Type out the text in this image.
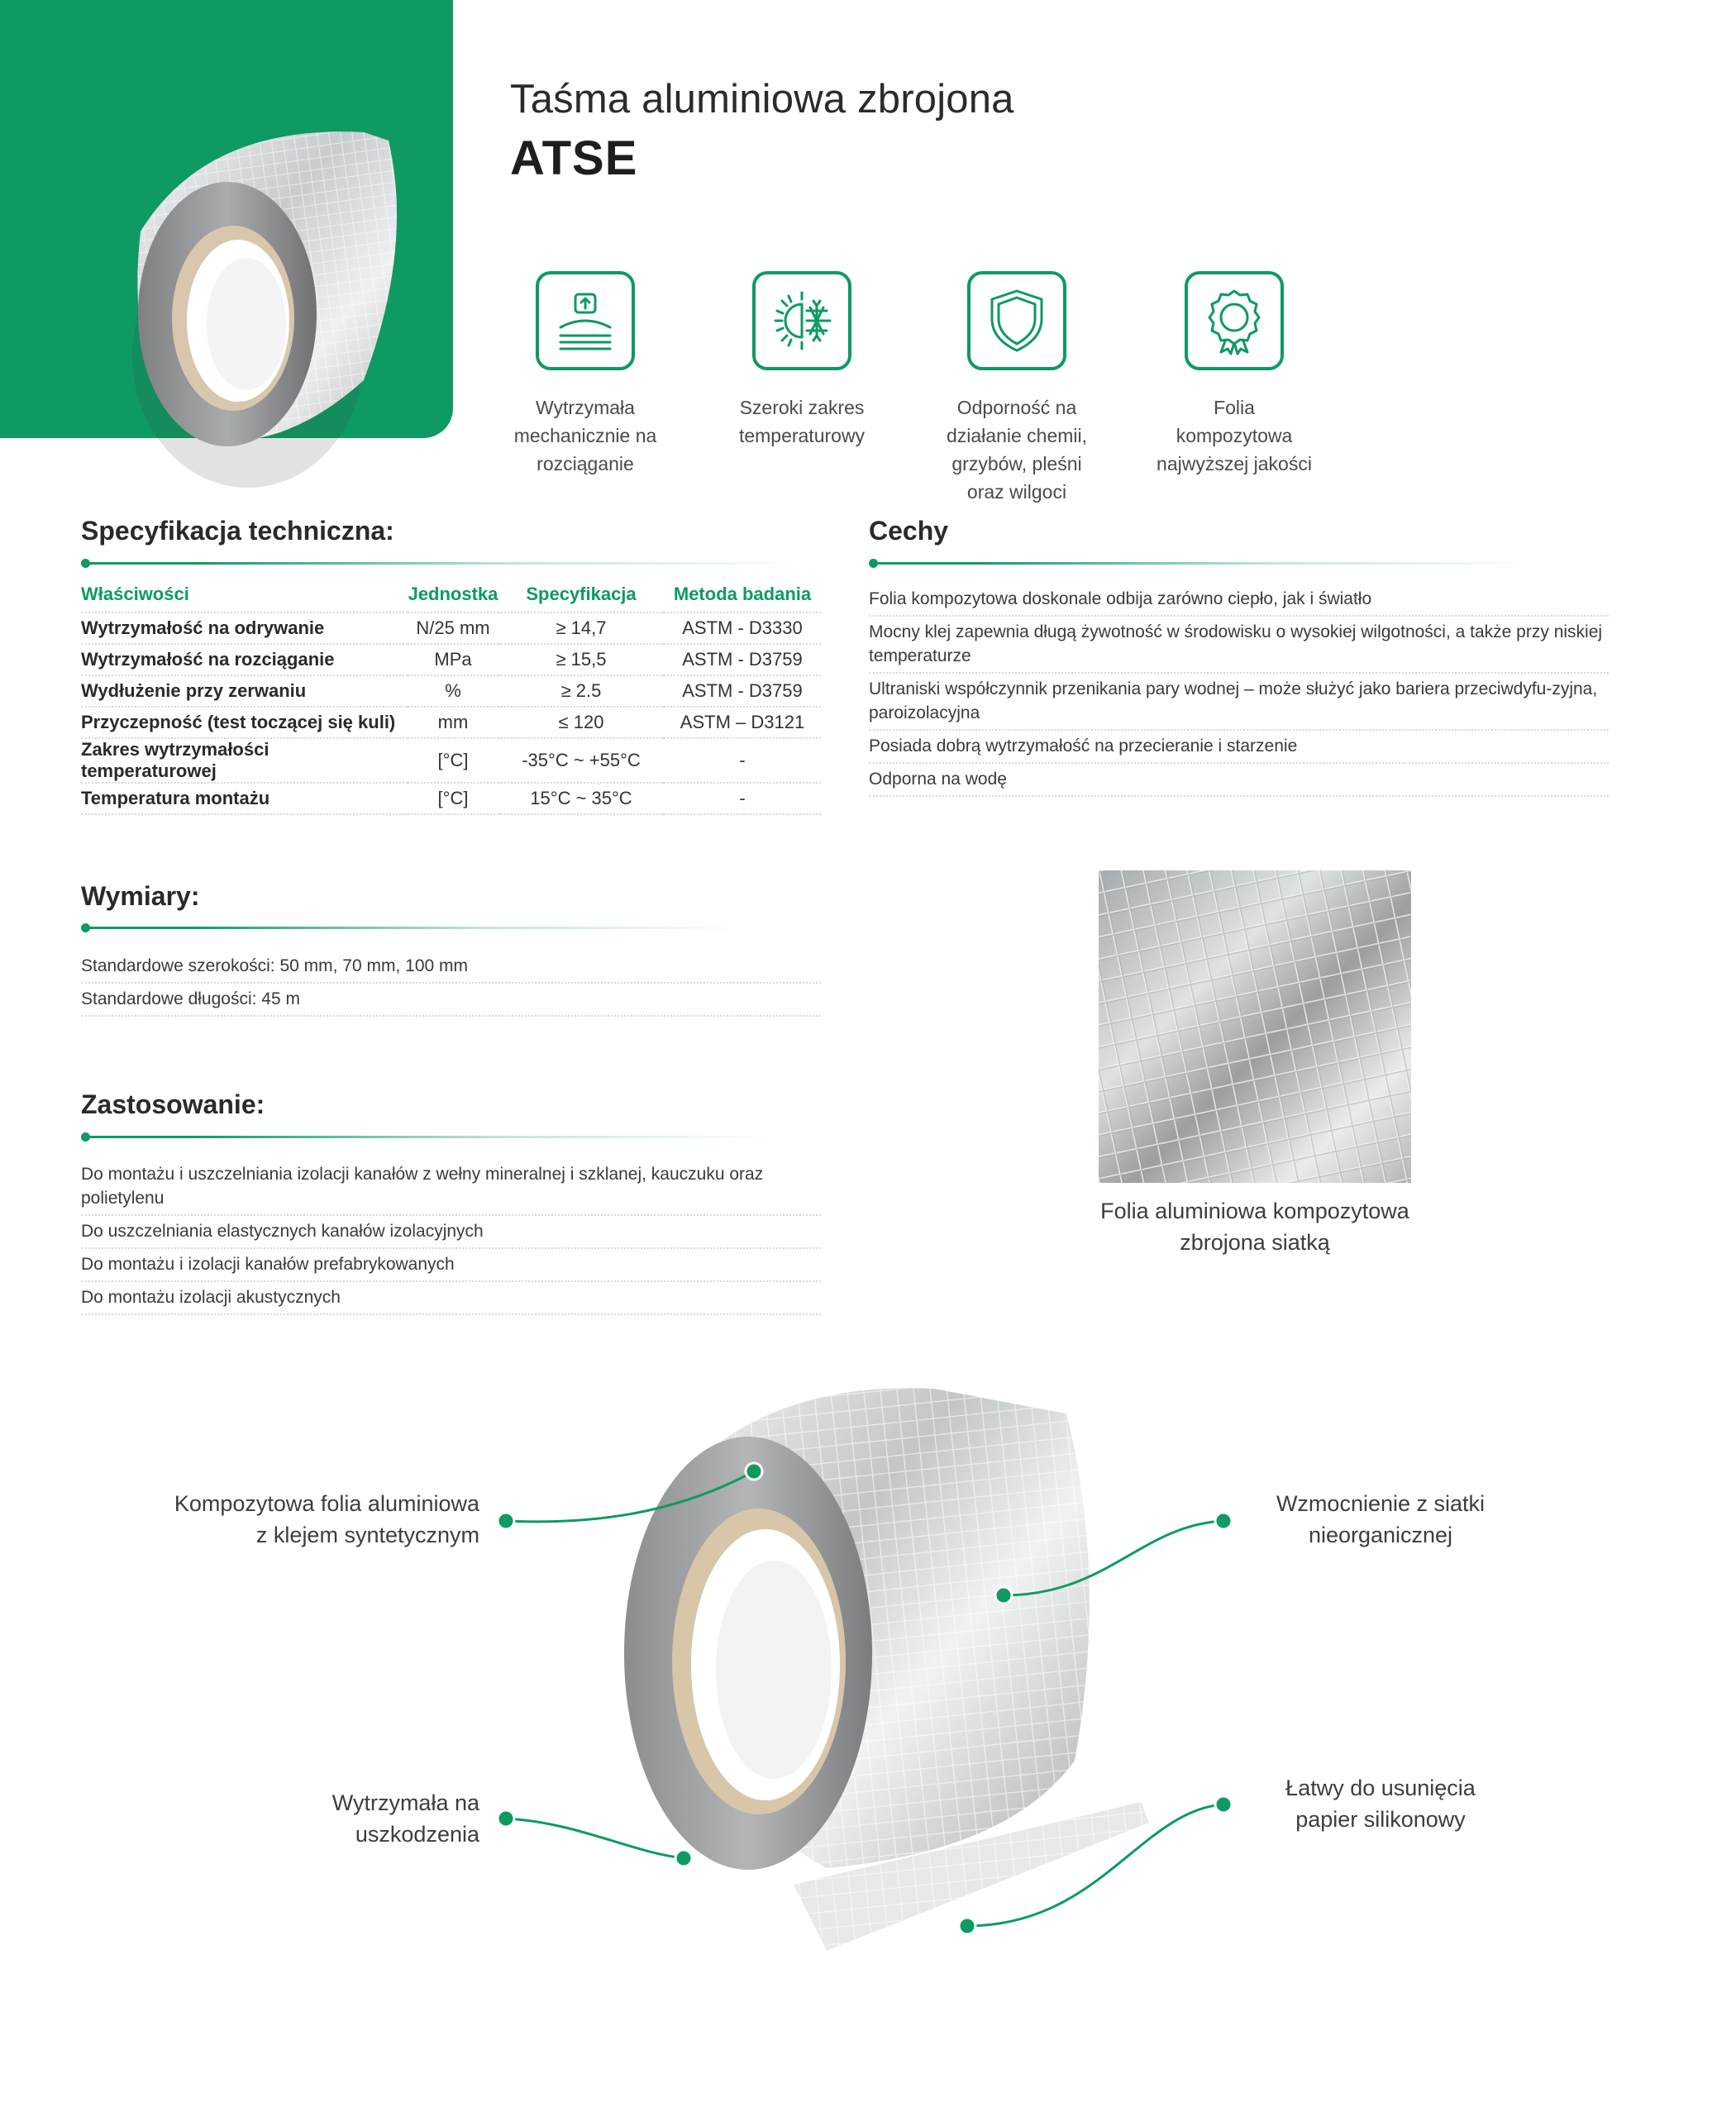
Taśma aluminiowa zbrojona
ATSE
Wytrzymała
mechanicznie na
rozciąganie
Szeroki zakres
temperaturowy
Odporność na
działanie chemii,
grzybów, pleśni
oraz wilgoci
Folia
kompozytowa
najwyższej jakości
Specyfikacja techniczna:
Właściwości	Jednostka	Specyfikacja	Metoda badania
Wytrzymałość na odrywanie	N/25 mm	≥ 14,7	ASTM - D3330
Wytrzymałość na rozciąganie	MPa	≥ 15,5	ASTM - D3759
Wydłużenie przy zerwaniu	%	≥ 2.5	ASTM - D3759
Przyczepność (test toczącej się kuli)	mm	≤ 120	ASTM – D3121
Zakres wytrzymałości temperaturowej	[°C]	-35°C ~ +55°C	-
Temperatura montażu	[°C]	15°C ~ 35°C	-
Cechy
Folia kompozytowa doskonale odbija zarówno ciepło, jak i światło
Mocny klej zapewnia długą żywotność w środowisku o wysokiej wilgotności, a także przy niskiej temperaturze
Ultraniski współczynnik przenikania pary wodnej – może służyć jako bariera przeciwdyfu-zyjna, paroizolacyjna
Posiada dobrą wytrzymałość na przecieranie i starzenie
Odporna na wodę
Wymiary:
Standardowe szerokości: 50 mm, 70 mm, 100 mm
Standardowe długości: 45 m
Zastosowanie:
Do montażu i uszczelniania izolacji kanałów z wełny mineralnej i szklanej, kauczuku oraz polietylenu
Do uszczelniania elastycznych kanałów izolacyjnych
Do montażu i izolacji kanałów prefabrykowanych
Do montażu izolacji akustycznych
Folia aluminiowa kompozytowa
zbrojona siatką
Kompozytowa folia aluminiowa
z klejem syntetycznym
Wzmocnienie z siatki
nieorganicznej
Wytrzymała na
uszkodzenia
Łatwy do usunięcia
papier silikonowy
